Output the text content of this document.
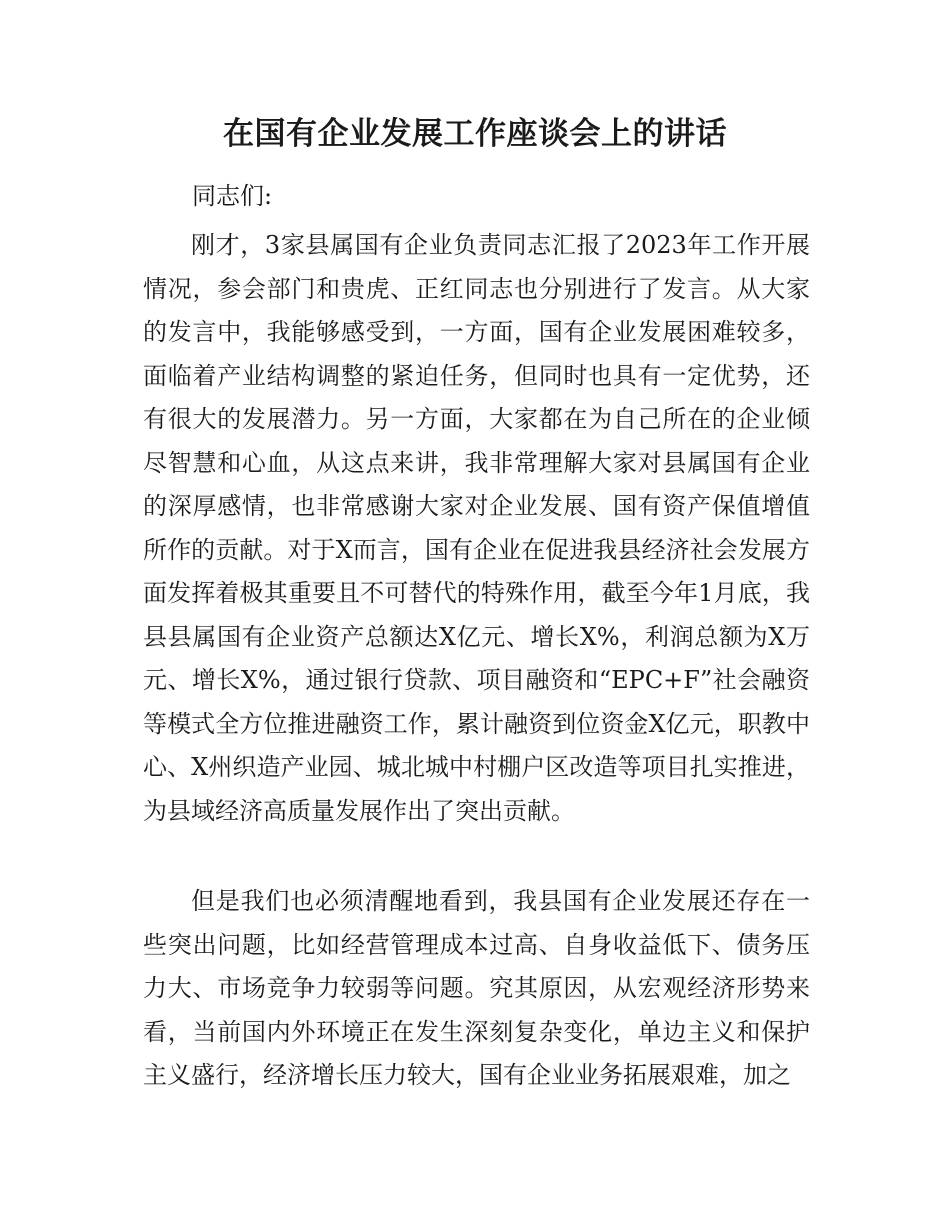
在国有企业发展工作座谈会上的讲话

同志们:

刚才，3家县属国有企业负责同志汇报了2023年工作开展情况，参会部门和贵虎、正红同志也分别进行了发言。从大家的发言中，我能够感受到，一方面，国有企业发展困难较多，面临着产业结构调整的紧迫任务，但同时也具有一定优势，还有很大的发展潜力。另一方面，大家都在为自己所在的企业倾尽智慧和心血，从这点来讲，我非常理解大家对县属国有企业的深厚感情，也非常感谢大家对企业发展、国有资产保值增值所作的贡献。对于X而言，国有企业在促进我县经济社会发展方面发挥着极其重要且不可替代的特殊作用，截至今年1月底，我县县属国有企业资产总额达X亿元、增长X%，利润总额为X万元、增长X%，通过银行贷款、项目融资和“EPC+F”社会融资等模式全方位推进融资工作，累计融资到位资金X亿元，职教中心、X州织造产业园、城北城中村棚户区改造等项目扎实推进，为县域经济高质量发展作出了突出贡献。

但是我们也必须清醒地看到，我县国有企业发展还存在一些突出问题，比如经营管理成本过高、自身收益低下、债务压力大、市场竞争力较弱等问题。究其原因，从宏观经济形势来看，当前国内外环境正在发生深刻复杂变化，单边主义和保护主义盛行，经济增长压力较大，国有企业业务拓展艰难，加之
